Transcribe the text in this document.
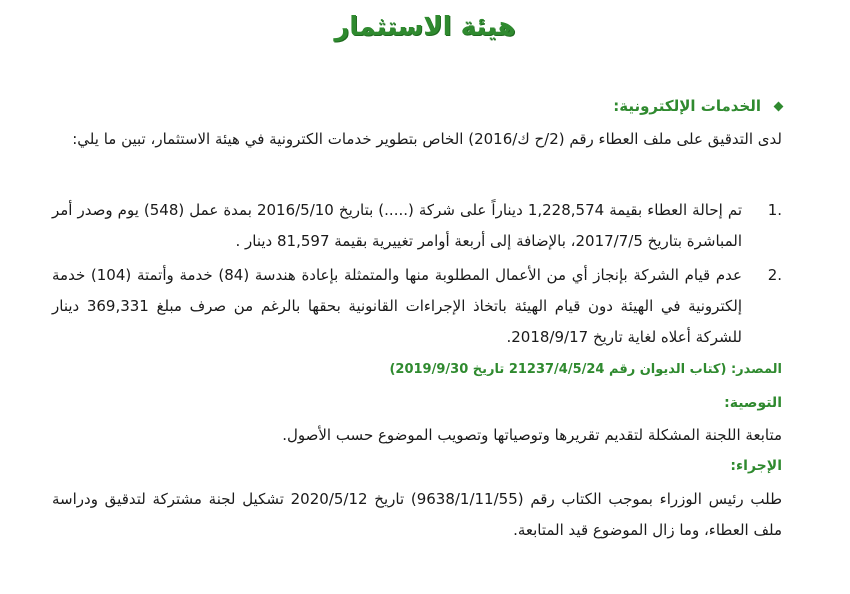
هيئة الاستثمار
الخدمات الإلكترونية:
لدى التدقيق على ملف العطاء رقم (2/ح ك/2016) الخاص بتطوير خدمات الكترونية في هيئة الاستثمار، تبين ما يلي:
1.
تم إحالة العطاء بقيمة 1,228,574 ديناراً على شركة (.....) بتاريخ 2016/5/10 بمدة عمل (548) يوم وصدر أمر المباشرة بتاريخ 2017/7/5، بالإضافة إلى أربعة أوامر تغييرية بقيمة 81,597 دينار .
2.
عدم قيام الشركة بإنجاز أي من الأعمال المطلوبة منها والمتمثلة بإعادة هندسة (84) خدمة وأتمتة (104) خدمة إلكترونية في الهيئة دون قيام الهيئة باتخاذ الإجراءات القانونية بحقها بالرغم من صرف مبلغ 369,331 دينار للشركة أعلاه لغاية تاريخ 2018/9/17.
المصدر: (كتاب الديوان رقم 21237/4/5/24 تاريخ 2019/9/30)
التوصية:
متابعة اللجنة المشكلة لتقديم تقريرها وتوصياتها وتصويب الموضوع حسب الأصول.
الإجراء:
طلب رئيس الوزراء بموجب الكتاب رقم (9638/1/11/55) تاريخ 2020/5/12 تشكيل لجنة مشتركة لتدقيق ودراسة ملف العطاء، وما زال الموضوع قيد المتابعة.
